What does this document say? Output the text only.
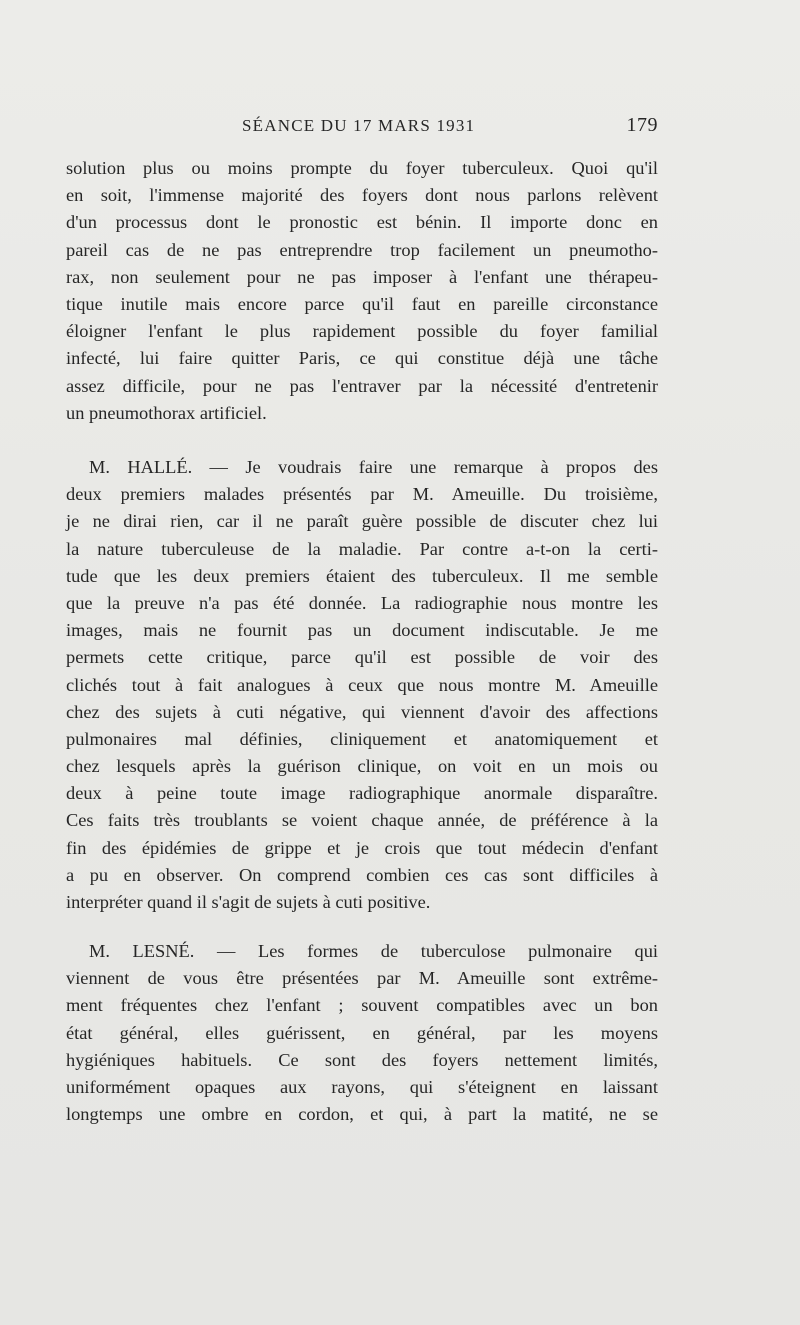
SÉANCE DU 17 MARS 1931	179
solution plus ou moins prompte du foyer tuberculeux. Quoi qu'il
en soit, l'immense majorité des foyers dont nous parlons relèvent
d'un processus dont le pronostic est bénin. Il importe donc en
pareil cas de ne pas entreprendre trop facilement un pneumotho-
rax, non seulement pour ne pas imposer à l'enfant une thérapeu-
tique inutile mais encore parce qu'il faut en pareille circonstance
éloigner l'enfant le plus rapidement possible du foyer familial
infecté, lui faire quitter Paris, ce qui constitue déjà une tâche
assez difficile, pour ne pas l'entraver par la nécessité d'entretenir
un pneumothorax artificiel.
M. HALLÉ. — Je voudrais faire une remarque à propos des
deux premiers malades présentés par M. Ameuille. Du troisième,
je ne dirai rien, car il ne paraît guère possible de discuter chez lui
la nature tuberculeuse de la maladie. Par contre a-t-on la certi-
tude que les deux premiers étaient des tuberculeux. Il me semble
que la preuve n'a pas été donnée. La radiographie nous montre les
images, mais ne fournit pas un document indiscutable. Je me
permets cette critique, parce qu'il est possible de voir des
clichés tout à fait analogues à ceux que nous montre M. Ameuille
chez des sujets à cuti négative, qui viennent d'avoir des affections
pulmonaires mal définies, cliniquement et anatomiquement et
chez lesquels après la guérison clinique, on voit en un mois ou
deux à peine toute image radiographique anormale disparaître.
Ces faits très troublants se voient chaque année, de préférence à la
fin des épidémies de grippe et je crois que tout médecin d'enfant
a pu en observer. On comprend combien ces cas sont difficiles à
interpréter quand il s'agit de sujets à cuti positive.
M. LESNÉ. — Les formes de tuberculose pulmonaire qui
viennent de vous être présentées par M. Ameuille sont extrême-
ment fréquentes chez l'enfant ; souvent compatibles avec un bon
état général, elles guérissent, en général, par les moyens
hygiéniques habituels. Ce sont des foyers nettement limités,
uniformément opaques aux rayons, qui s'éteignent en laissant
longtemps une ombre en cordon, et qui, à part la matité, ne se
